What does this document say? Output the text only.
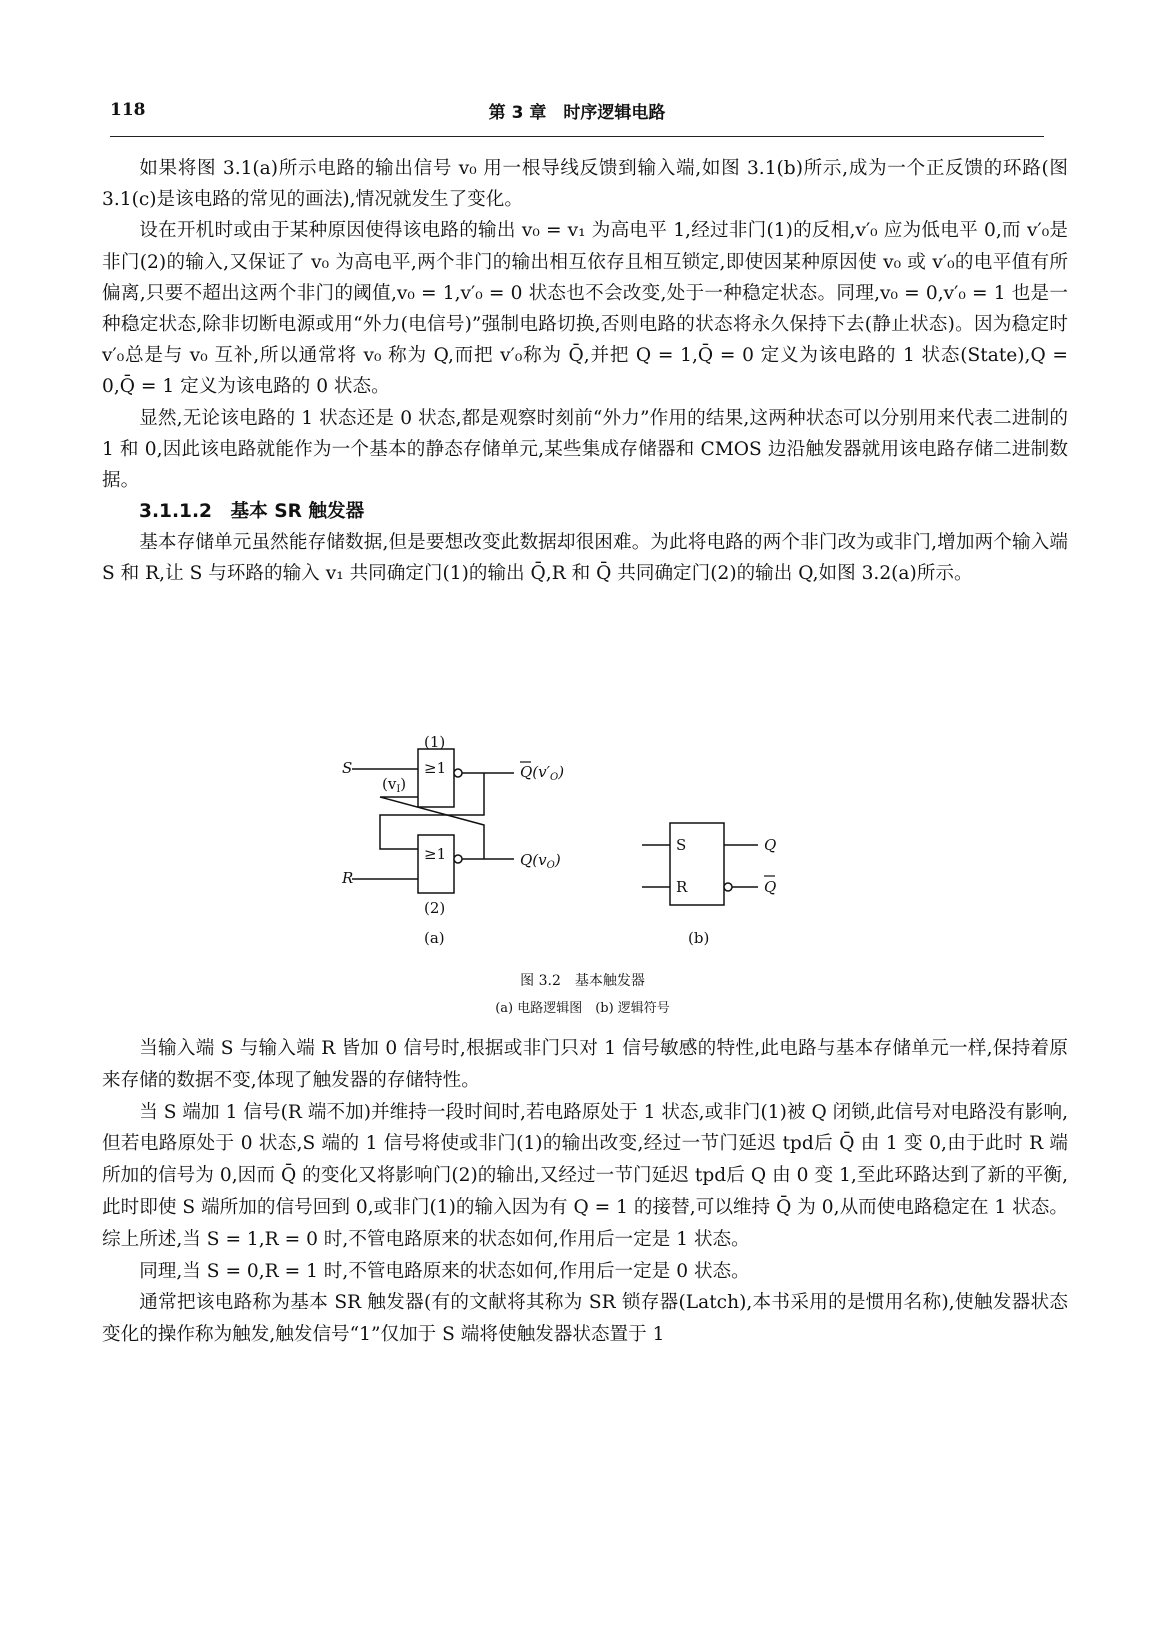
118	第 3 章　时序逻辑电路

如果将图 3.1(a)所示电路的输出信号 v₀ 用一根导线反馈到输入端,如图 3.1(b)所示,成为一个正反馈的环路(图 3.1(c)是该电路的常见的画法),情况就发生了变化。

设在开机时或由于某种原因使得该电路的输出 v₀ = v₁ 为高电平 1,经过非门(1)的反相,v′₀ 应为低电平 0,而 v′₀是非门(2)的输入,又保证了 v₀ 为高电平,两个非门的输出相互依存且相互锁定,即使因某种原因使 v₀ 或 v′₀的电平值有所偏离,只要不超出这两个非门的阈值,v₀ = 1,v′₀ = 0 状态也不会改变,处于一种稳定状态。同理,v₀ = 0,v′₀ = 1 也是一种稳定状态,除非切断电源或用“外力(电信号)”强制电路切换,否则电路的状态将永久保持下去(静止状态)。因为稳定时 v′₀总是与 v₀ 互补,所以通常将 v₀ 称为 Q,而把 v′₀称为 Q̄,并把 Q = 1,Q̄ = 0 定义为该电路的 1 状态(State),Q = 0,Q̄ = 1 定义为该电路的 0 状态。

显然,无论该电路的 1 状态还是 0 状态,都是观察时刻前“外力”作用的结果,这两种状态可以分别用来代表二进制的 1 和 0,因此该电路就能作为一个基本的静态存储单元,某些集成存储器和 CMOS 边沿触发器就用该电路存储二进制数据。

3.1.1.2　基本 SR 触发器

基本存储单元虽然能存储数据,但是要想改变此数据却很困难。为此将电路的两个非门改为或非门,增加两个输入端 S 和 R,让 S 与环路的输入 v₁ 共同确定门(1)的输出 Q̄,R 和 Q̄ 共同确定门(2)的输出 Q,如图 3.2(a)所示。

(1)
(2)
≥1
≥1
S
R
$(v_I)$
$Q(v'_O)$
$Q(v_O)$
(a)	(b)
S
R
Q
Q
图 3.2　基本触发器
(a) 电路逻辑图　(b) 逻辑符号

当输入端 S 与输入端 R 皆加 0 信号时,根据或非门只对 1 信号敏感的特性,此电路与基本存储单元一样,保持着原来存储的数据不变,体现了触发器的存储特性。

当 S 端加 1 信号(R 端不加)并维持一段时间时,若电路原处于 1 状态,或非门(1)被 Q 闭锁,此信号对电路没有影响,但若电路原处于 0 状态,S 端的 1 信号将使或非门(1)的输出改变,经过一节门延迟 tpd后 Q̄ 由 1 变 0,由于此时 R 端所加的信号为 0,因而 Q̄ 的变化又将影响门(2)的输出,又经过一节门延迟 tpd后 Q 由 0 变 1,至此环路达到了新的平衡,此时即使 S 端所加的信号回到 0,或非门(1)的输入因为有 Q = 1 的接替,可以维持 Q̄ 为 0,从而使电路稳定在 1 状态。综上所述,当 S = 1,R = 0 时,不管电路原来的状态如何,作用后一定是 1 状态。

同理,当 S = 0,R = 1 时,不管电路原来的状态如何,作用后一定是 0 状态。

通常把该电路称为基本 SR 触发器(有的文献将其称为 SR 锁存器(Latch),本书采用的是惯用名称),使触发器状态变化的操作称为触发,触发信号“1”仅加于 S 端将使触发器状态置于 1
